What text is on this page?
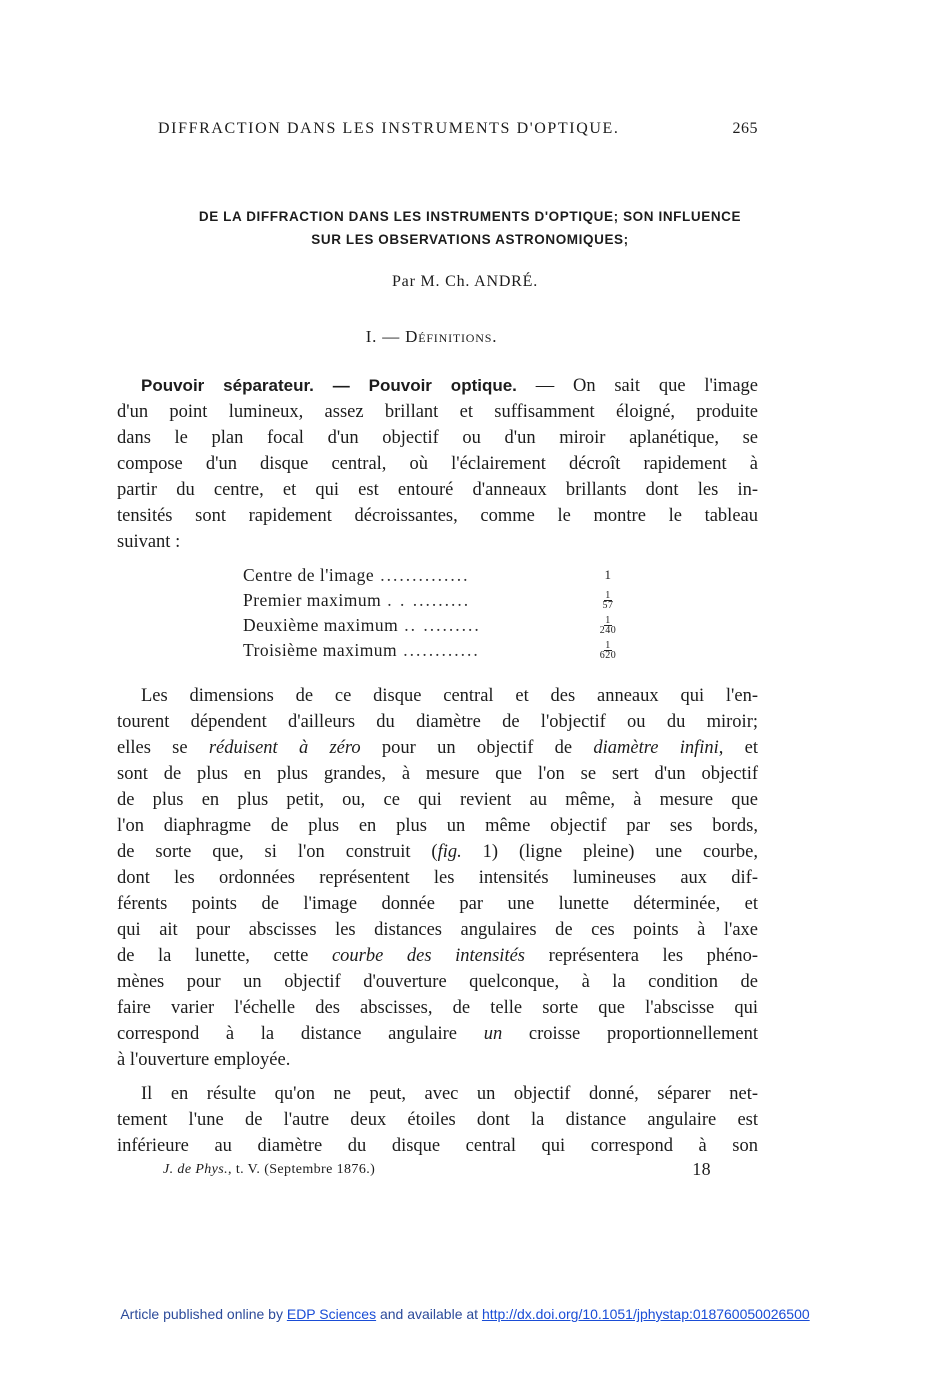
DIFFRACTION DANS LES INSTRUMENTS D'OPTIQUE.	265
DE LA DIFFRACTION DANS LES INSTRUMENTS D'OPTIQUE; SON INFLUENCE
SUR LES OBSERVATIONS ASTRONOMIQUES;
Par M. Ch. ANDRÉ.
I. — Définitions.
Pouvoir séparateur. — Pouvoir optique. — On sait que l'image
d'un point lumineux, assez brillant et suffisamment éloigné, produite
dans le plan focal d'un objectif ou d'un miroir aplanétique, se
compose d'un disque central, où l'éclairement décroît rapidement à
partir du centre, et qui est entouré d'anneaux brillants dont les in-
tensités sont rapidement décroissantes, comme le montre le tableau
suivant :
Centre de l'image ..............	1
Premier maximum . . .........	$\frac{1}{57}$
Deuxième maximum .. .........	$\frac{1}{240}$
Troisième maximum ............	$\frac{1}{620}$
Les dimensions de ce disque central et des anneaux qui l'en-
tourent dépendent d'ailleurs du diamètre de l'objectif ou du miroir;
elles se réduisent à zéro pour un objectif de diamètre infini, et
sont de plus en plus grandes, à mesure que l'on se sert d'un objectif
de plus en plus petit, ou, ce qui revient au même, à mesure que
l'on diaphragme de plus en plus un même objectif par ses bords,
de sorte que, si l'on construit (fig. 1) (ligne pleine) une courbe,
dont les ordonnées représentent les intensités lumineuses aux dif-
férents points de l'image donnée par une lunette déterminée, et
qui ait pour abscisses les distances angulaires de ces points à l'axe
de la lunette, cette courbe des intensités représentera les phéno-
mènes pour un objectif d'ouverture quelconque, à la condition de
faire varier l'échelle des abscisses, de telle sorte que l'abscisse qui
correspond à la distance angulaire un croisse proportionnellement
à l'ouverture employée.
Il en résulte qu'on ne peut, avec un objectif donné, séparer net-
tement l'une de l'autre deux étoiles dont la distance angulaire est
inférieure au diamètre du disque central qui correspond à son
J. de Phys., t. V. (Septembre 1876.)	18
Article published online by EDP Sciences and available at http://dx.doi.org/10.1051/jphystap:018760050026500
